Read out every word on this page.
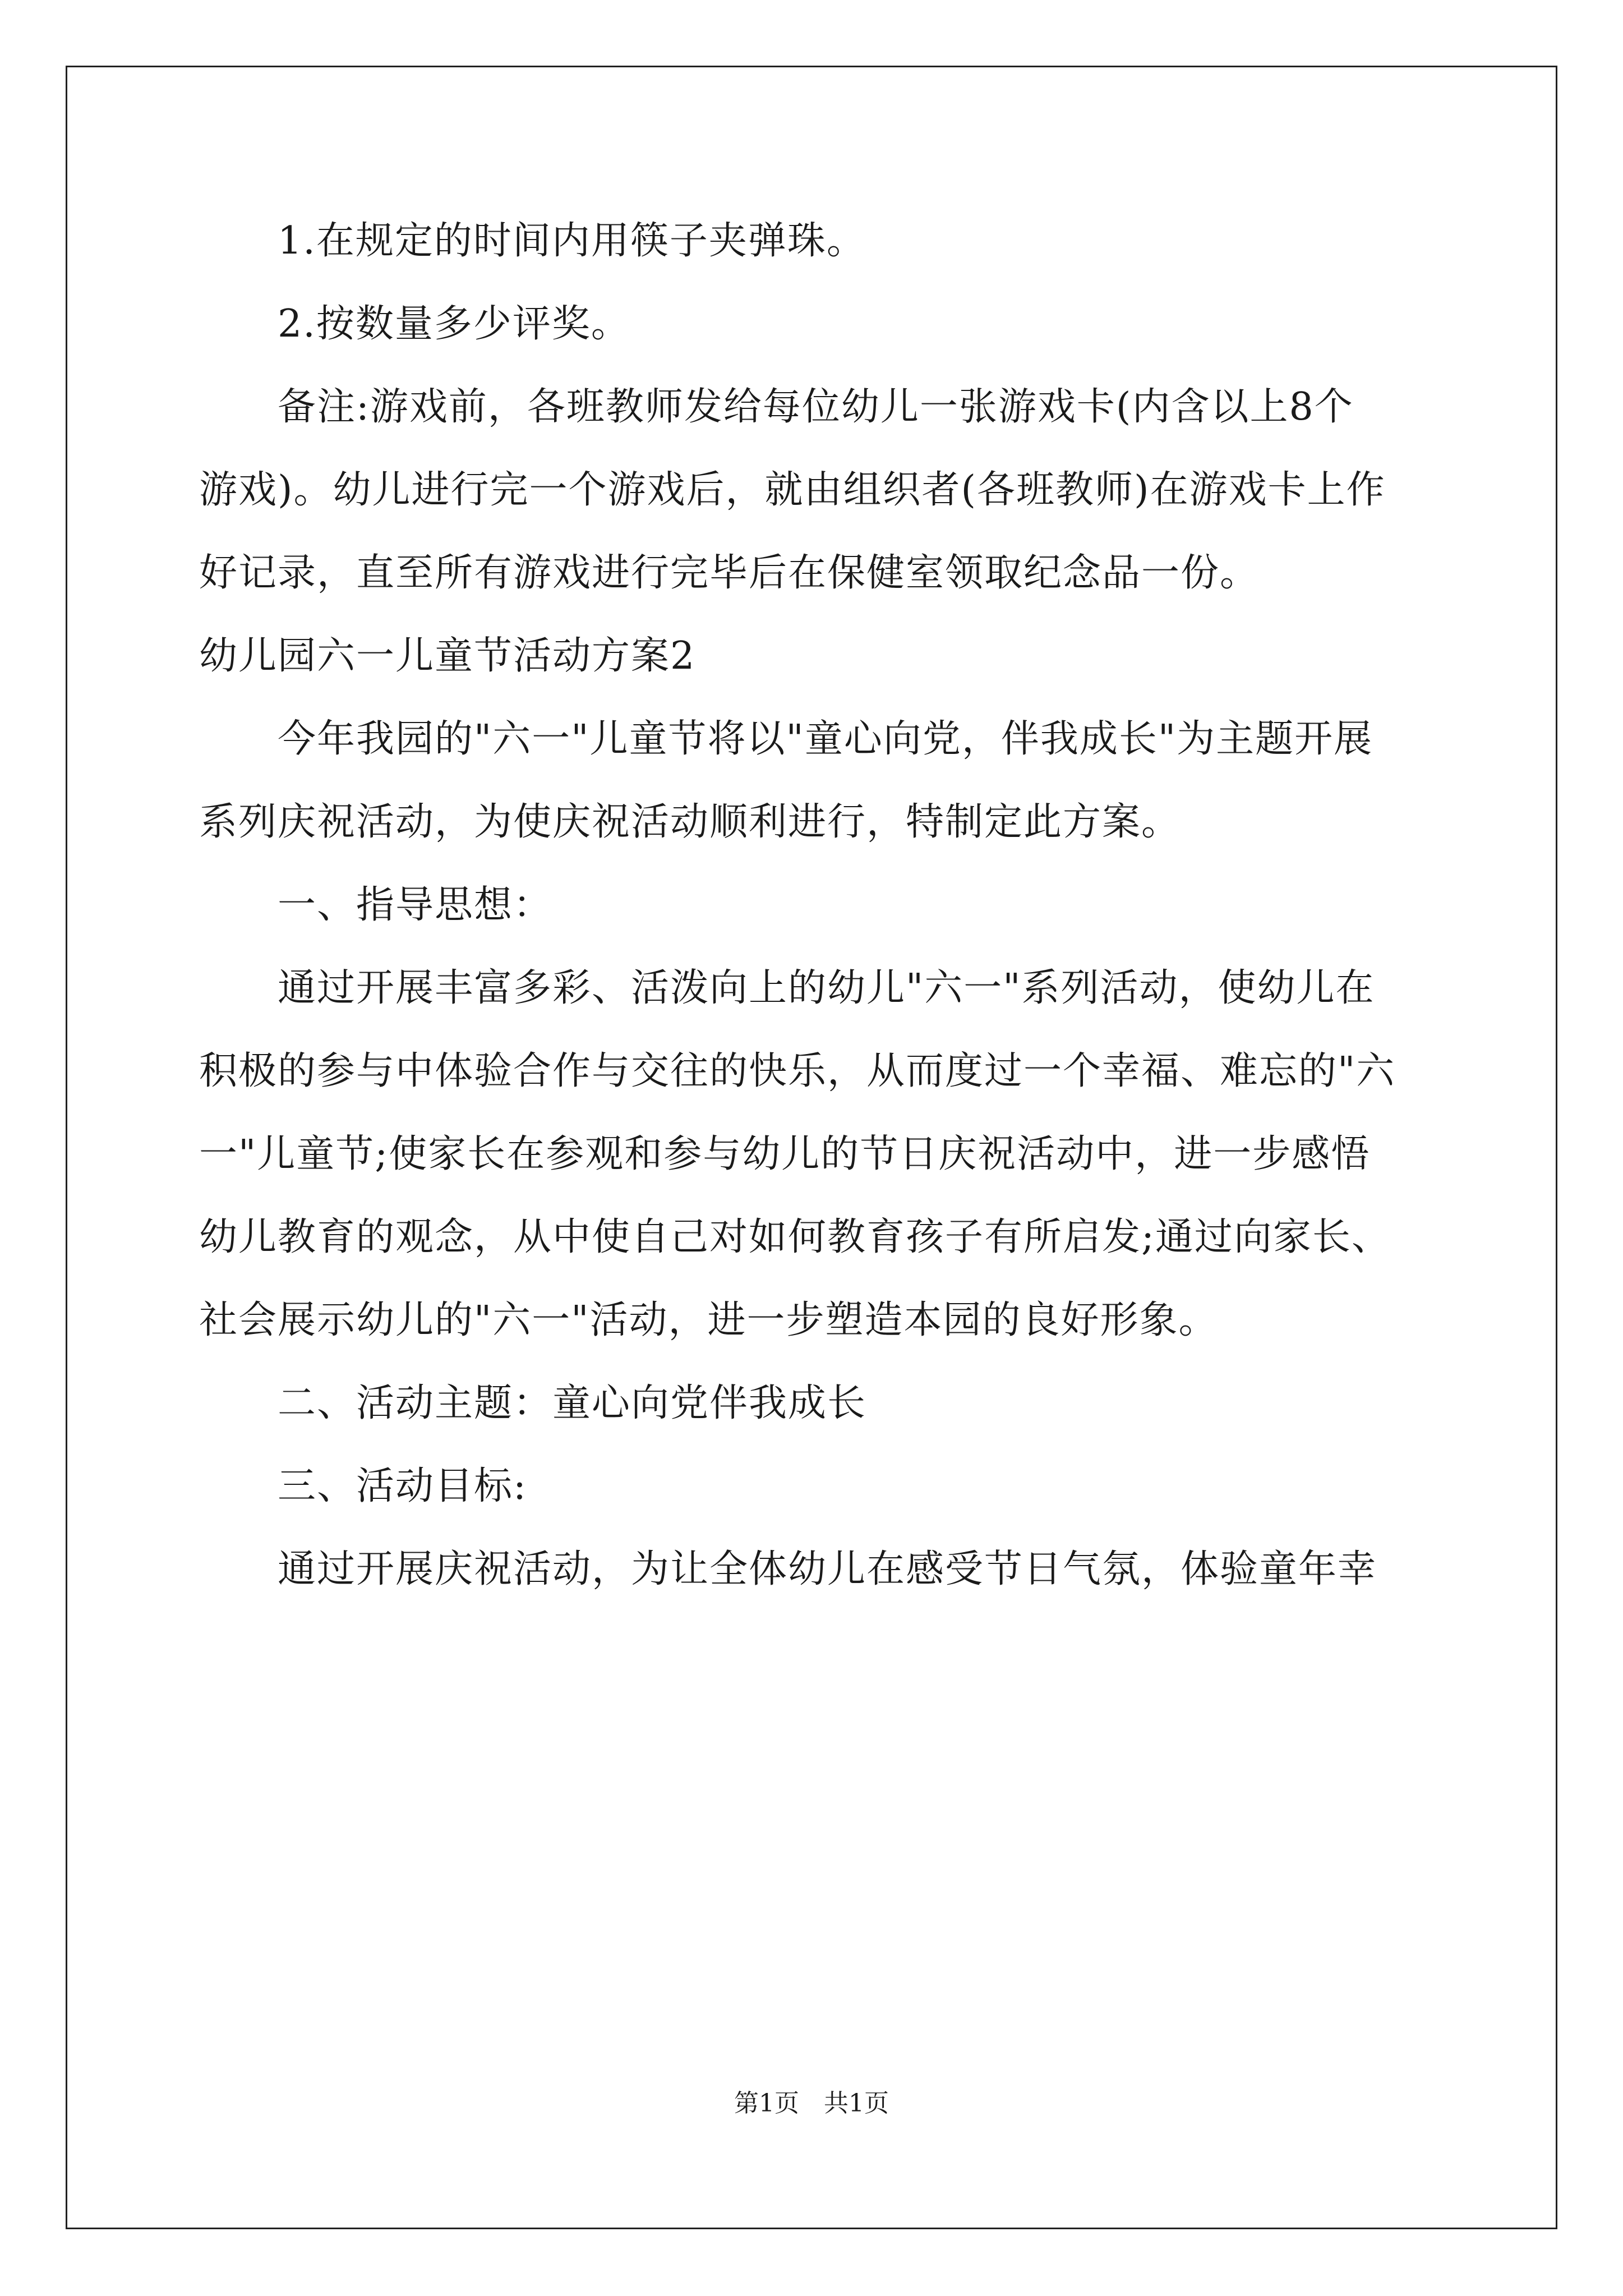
1.在规定的时间内用筷子夹弹珠。
2.按数量多少评奖。
备注:游戏前，各班教师发给每位幼儿一张游戏卡(内含以上8个
游戏)。幼儿进行完一个游戏后，就由组织者(各班教师)在游戏卡上作
好记录，直至所有游戏进行完毕后在保健室领取纪念品一份。
幼儿园六一儿童节活动方案2
今年我园的"六一"儿童节将以"童心向党，伴我成长"为主题开展
系列庆祝活动，为使庆祝活动顺利进行，特制定此方案。
一、指导思想：
通过开展丰富多彩、活泼向上的幼儿"六一"系列活动，使幼儿在
积极的参与中体验合作与交往的快乐，从而度过一个幸福、难忘的"六
一"儿童节;使家长在参观和参与幼儿的节日庆祝活动中，进一步感悟
幼儿教育的观念，从中使自己对如何教育孩子有所启发;通过向家长、
社会展示幼儿的"六一"活动，进一步塑造本园的良好形象。
二、活动主题：童心向党伴我成长
三、活动目标:
通过开展庆祝活动，为让全体幼儿在感受节日气氛，体验童年幸
第1页　共1页
